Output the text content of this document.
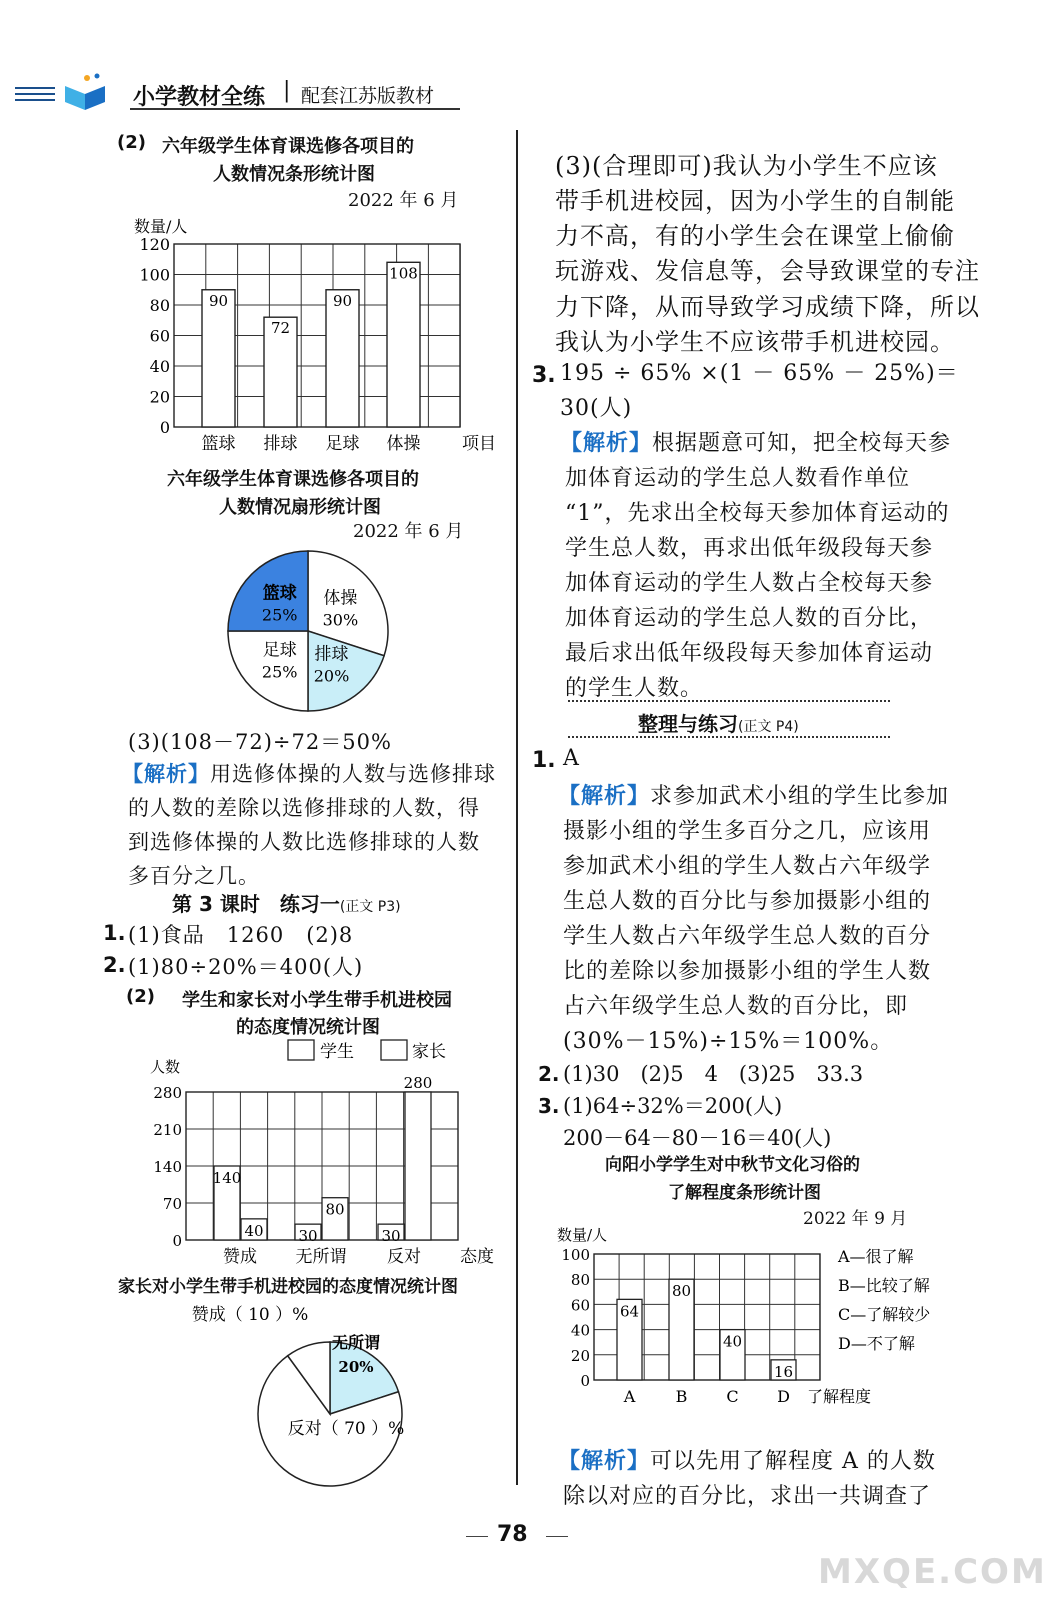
小学教材全练 | 配套江苏版教材
(2) 六年级学生体育课选修各项目的
人数情况条形统计图
2022 年 6 月
数量/人
0
20
40
60
80
100
120
90
篮球
72
排球
90
足球
108
体操 项目
六年级学生体育课选修各项目的
人数情况扇形统计图
2022 年 6 月
体操
30%
排球
20%
足球
25%
篮球
25%
(3)(108－72)÷72＝50%
【解析】用选修体操的人数与选修排球
的人数的差除以选修排球的人数，得
到选修体操的人数比选修排球的人数
多百分之几。
第 3 课时　练习一(正文 P3)
1. (1)食品　1260　(2)8
2. (1)80÷20%＝400(人)
(2) 学生和家长对小学生带手机进校园
的态度情况统计图
学生	家长
人数
0
70
140
210
280
140
40
赞成
30
80
无所谓
30
280
反对 态度
家长对小学生带手机进校园的态度情况统计图
无所谓
20%
反对（ 70 ）%
赞成（ 10 ）%
(3)(合理即可)我认为小学生不应该
带手机进校园，因为小学生的自制能
力不高，有的小学生会在课堂上偷偷
玩游戏、发信息等，会导致课堂的专注
力下降，从而导致学习成绩下降，所以
我认为小学生不应该带手机进校园。
3. 195 ÷ 65% ×(1 － 65% － 25%)＝
30(人)
【解析】根据题意可知，把全校每天参
加体育运动的学生总人数看作单位
“1”，先求出全校每天参加体育运动的
学生总人数，再求出低年级段每天参
加体育运动的学生人数占全校每天参
加体育运动的学生总人数的百分比，
最后求出低年级段每天参加体育运动
的学生人数。
整理与练习(正文 P4)
1. A
【解析】求参加武术小组的学生比参加
摄影小组的学生多百分之几，应该用
参加武术小组的学生人数占六年级学
生总人数的百分比与参加摄影小组的
学生人数占六年级学生总人数的百分
比的差除以参加摄影小组的学生人数
占六年级学生总人数的百分比，即
(30%－15%)÷15%＝100%。
2. (1)30　(2)5　4　(3)25　33.3
3. (1)64÷32%＝200(人)
200－64－80－16＝40(人)
向阳小学学生对中秋节文化习俗的
了解程度条形统计图
2022 年 9 月
数量/人
0
20
40
60
80
100
64
A
80
B
40
C
16
D 了解程度
A—很了解
B—比较了解
C—了解较少
D—不了解
【解析】可以先用了解程度 A 的人数
除以对应的百分比，求出一共调查了
78
MXQE.COM
